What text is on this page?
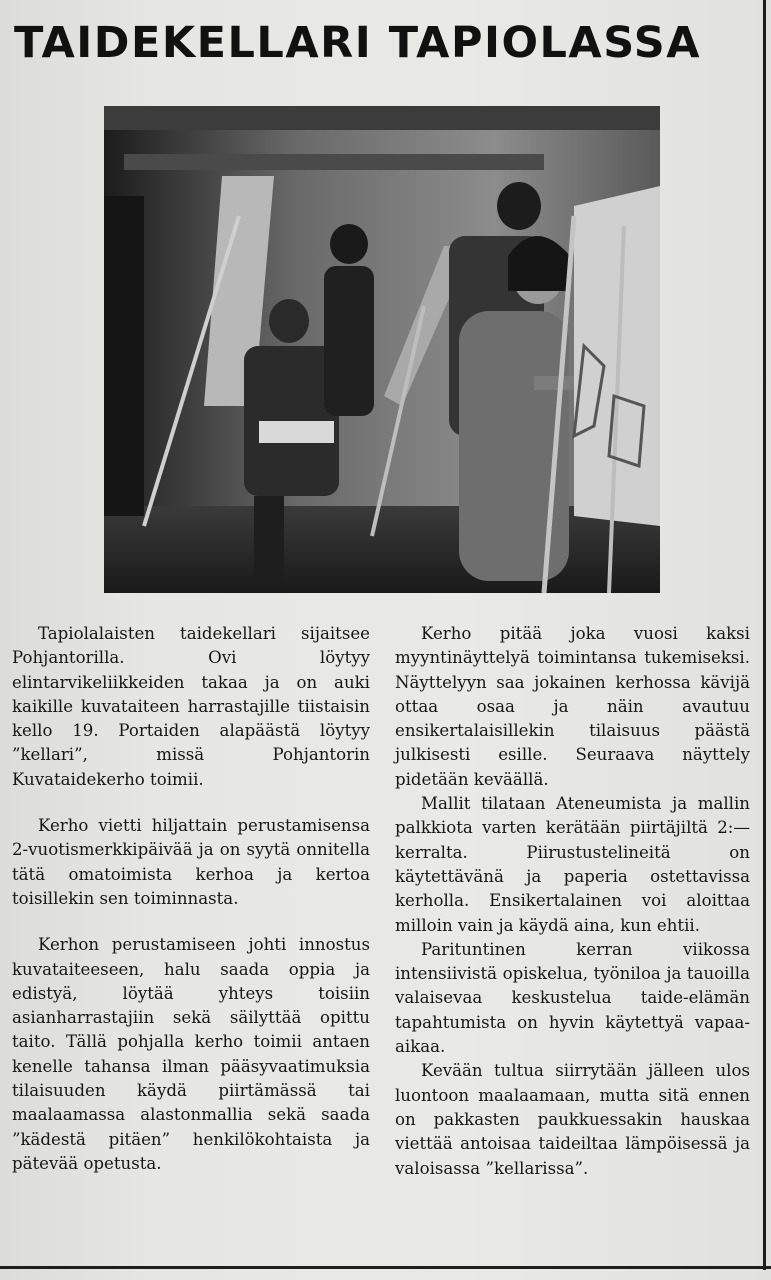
TAIDEKELLARI TAPIOLASSA

Tapiolalaisten taidekellari sijaitsee Pohjantorilla. Ovi löytyy elintarvikeliikkeiden takaa ja on auki kaikille kuvataiteen harrastajille tiistaisin kello 19. Portaiden alapäästä löytyy ”kellari”, missä Pohjantorin Kuvataidekerho toimii.

Kerho vietti hiljattain perustamisensa 2-vuotismerkkipäivää ja on syytä onnitella tätä omatoimista kerhoa ja kertoa toisillekin sen toiminnasta.

Kerhon perustamiseen johti innostus kuvataiteeseen, halu saada oppia ja edistyä, löytää yhteys toisiin asianharrastajiin sekä säilyttää opittu taito. Tällä pohjalla kerho toimii antaen kenelle tahansa ilman pääsyvaatimuksia tilaisuuden käydä piirtämässä tai maalaamassa alastonmallia sekä saada ”kädestä pitäen” henkilökohtaista ja pätevää opetusta.

Kerho pitää joka vuosi kaksi myyntinäyttelyä toimintansa tukemiseksi. Näyttelyyn saa jokainen kerhossa kävijä ottaa osaa ja näin avautuu ensikertalaisillekin tilaisuus päästä julkisesti esille. Seuraava näyttely pidetään keväällä.

Mallit tilataan Ateneumista ja mallin palkkiota varten kerätään piirtäjiltä 2:— kerralta. Piirustustelineitä on käytettävänä ja paperia ostettavissa kerholla. Ensikertalainen voi aloittaa milloin vain ja käydä aina, kun ehtii.

Parituntinen kerran viikossa intensiivistä opiskelua, työniloa ja tauoilla valaisevaa keskustelua taide-elämän tapahtumista on hyvin käytettyä vapaa-aikaa.

Kevään tultua siirrytään jälleen ulos luontoon maalaamaan, mutta sitä ennen on pakkasten paukkuessakin hauskaa viettää antoisaa taideiltaa lämpöisessä ja valoisassa ”kellarissa”.
